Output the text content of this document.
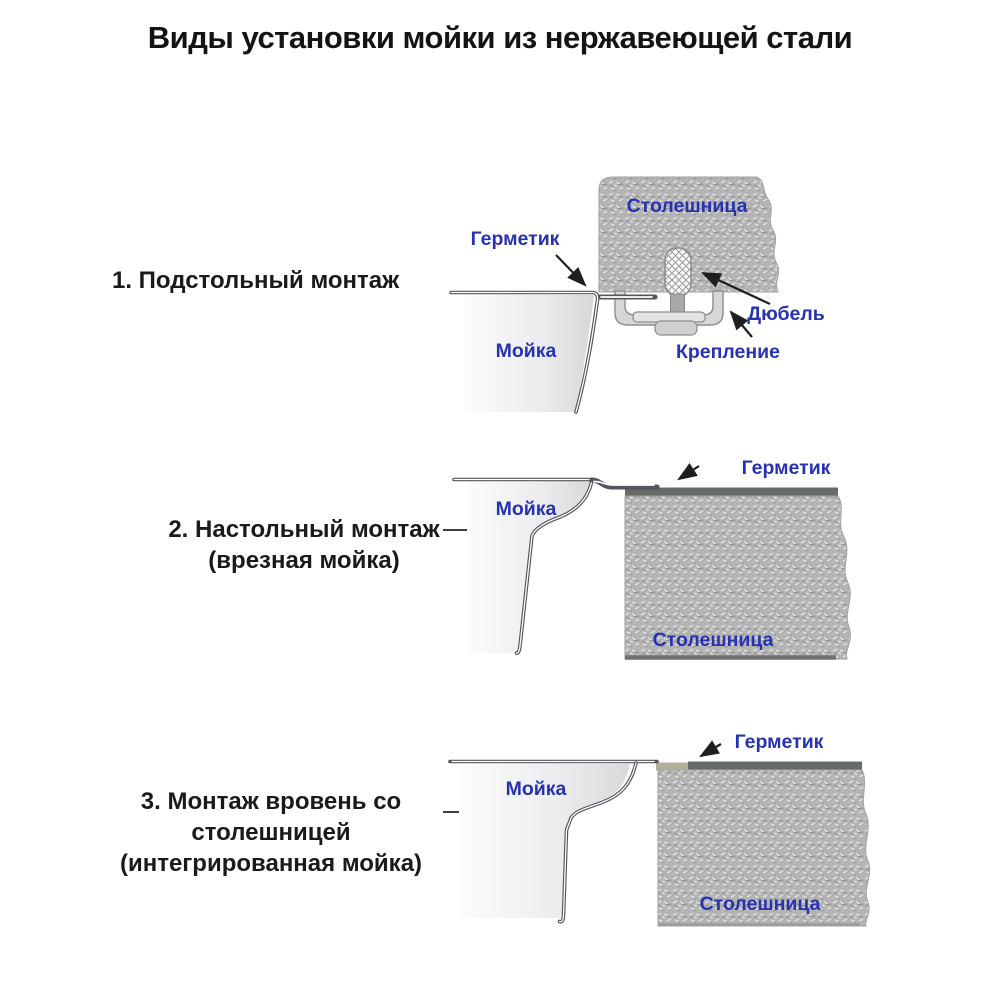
Виды установки мойки из нержавеющей стали
1. Подстольный монтаж
2. Настольный монтаж
(врезная мойка)
3. Монтаж вровень со
столешницей
(интегрированная мойка)
Герметик
Столешница
Мойка
Дюбель
Крепление
Герметик
Мойка
Столешница
Герметик
Мойка
Столешница
